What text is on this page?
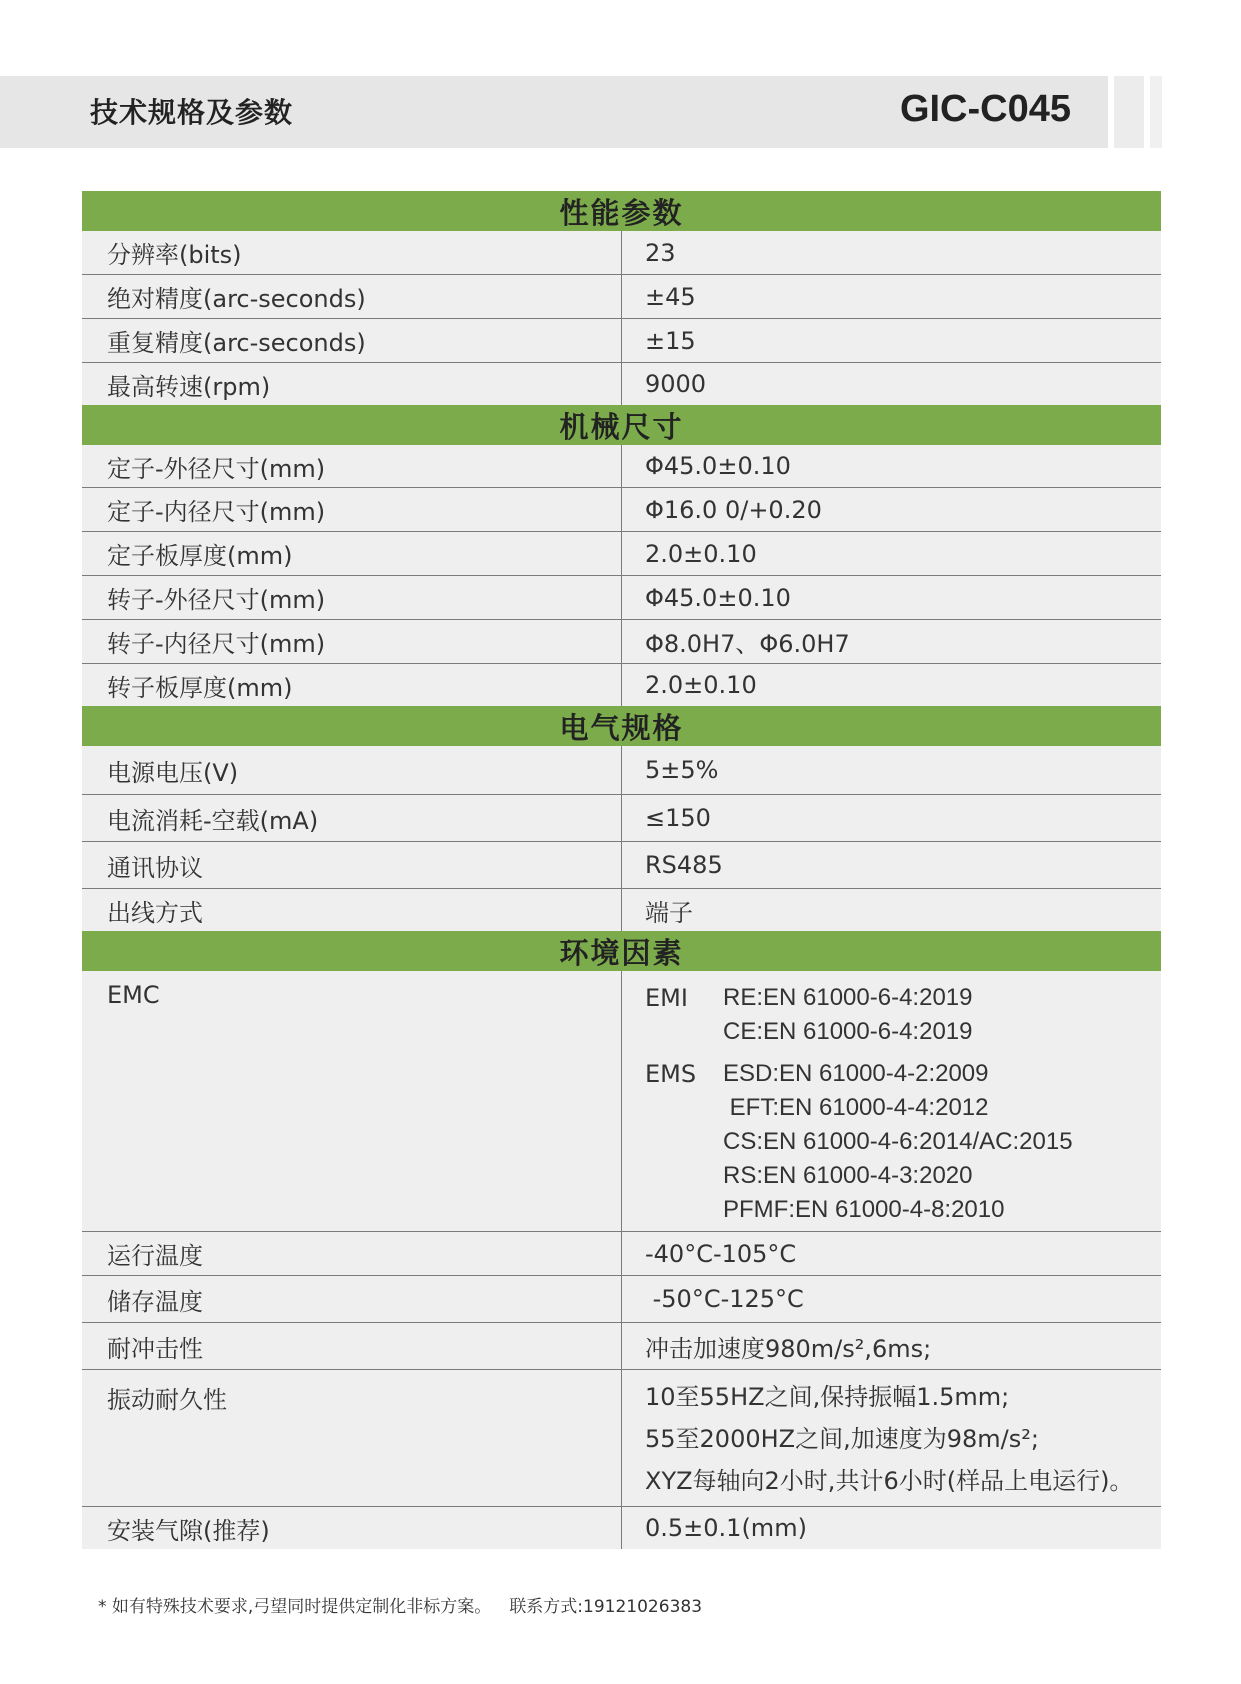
技术规格及参数	GIC-C045
性能参数
分辨率(bits)	23
绝对精度(arc-seconds)	±45
重复精度(arc-seconds)	±15
最高转速(rpm)	9000
机械尺寸
定子-外径尺寸(mm)	Φ45.0±0.10
定子-内径尺寸(mm)	Φ16.0 0/+0.20
定子板厚度(mm)	2.0±0.10
转子-外径尺寸(mm)	Φ45.0±0.10
转子-内径尺寸(mm)	Φ8.0H7、Φ6.0H7
转子板厚度(mm)	2.0±0.10
电气规格
电源电压(V)	5±5%
电流消耗-空载(mA)	≤150
通讯协议	RS485
出线方式	端子
环境因素
EMC	EMI	RE:EN 61000-6-4:2019
CE:EN 61000-6-4:2019
EMS	ESD:EN 61000-4-2:2009
EFT:EN 61000-4-4:2012
CS:EN 61000-4-6:2014/AC:2015
RS:EN 61000-4-3:2020
PFMF:EN 61000-4-8:2010
运行温度	-40°C-105°C
储存温度	-50°C-125°C
耐冲击性	冲击加速度980m/s²,6ms;
振动耐久性	10至55HZ之间,保持振幅1.5mm;
55至2000HZ之间,加速度为98m/s²;
XYZ每轴向2小时,共计6小时(样品上电运行)。
安装气隙(推荐)	0.5±0.1(mm)
* 如有特殊技术要求,弓望同时提供定制化非标方案。 联系方式:19121026383
